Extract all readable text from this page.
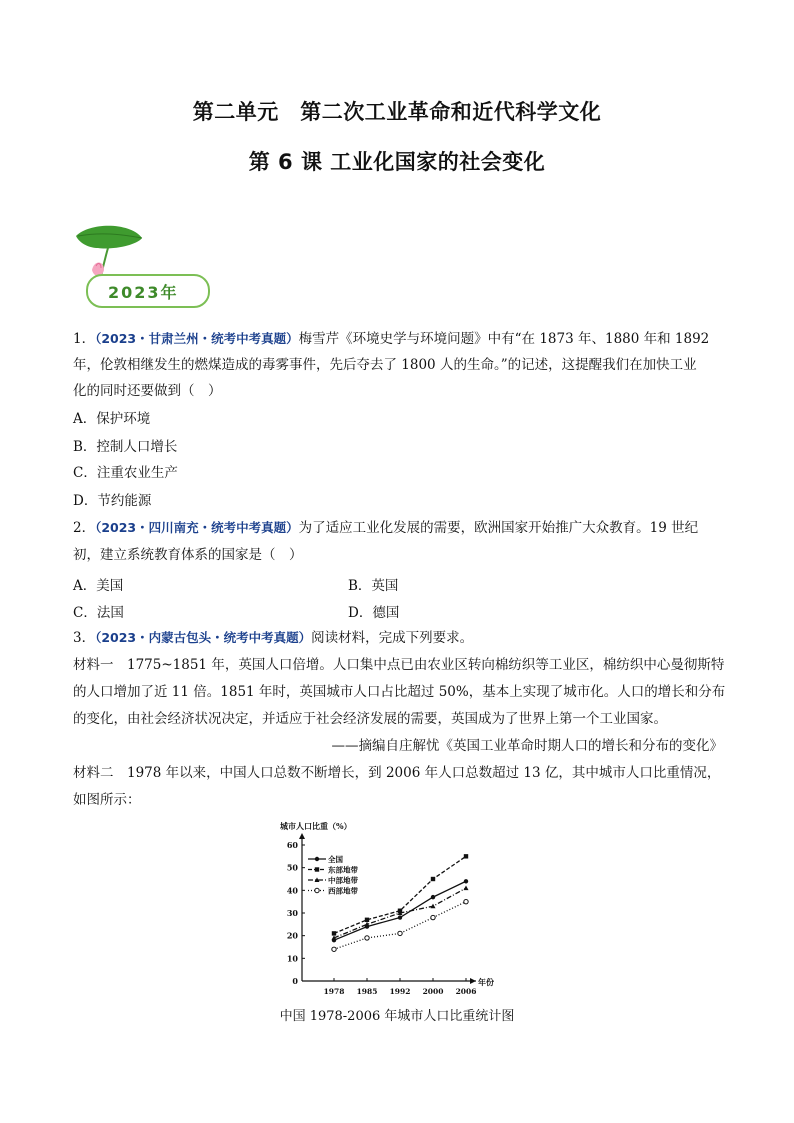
第二单元　第二次工业革命和近代科学文化
第 6 课 工业化国家的社会变化
2023年
1．（2023・甘肃兰州・统考中考真题）梅雪芹《环境史学与环境问题》中有“在 1873 年、1880 年和 1892
年，伦敦相继发生的燃煤造成的毒雾事件，先后夺去了 1800 人的生命。”的记述，这提醒我们在加快工业
化的同时还要做到（　）
A．保护环境
B．控制人口增长
C．注重农业生产
D．节约能源
2．（2023・四川南充・统考中考真题）为了适应工业化发展的需要，欧洲国家开始推广大众教育。19 世纪
初，建立系统教育体系的国家是（　）
A．美国	B．英国
C．法国	D．德国
3．（2023・内蒙古包头・统考中考真题）阅读材料，完成下列要求。
材料一　1775~1851 年，英国人口倍增。人口集中点已由农业区转向棉纺织等工业区，棉纺织中心曼彻斯特
的人口增加了近 11 倍。1851 年时，英国城市人口占比超过 50%，基本上实现了城市化。人口的增长和分布
的变化，由社会经济状况决定，并适应于社会经济发展的需要，英国成为了世界上第一个工业国家。
——摘编自庄解忧《英国工业革命时期人口的增长和分布的变化》
材料二　1978 年以来，中国人口总数不断增长，到 2006 年人口总数超过 13 亿，其中城市人口比重情况，
如图所示：
城市人口比重（%）
年份
0
10
20
30
40
50
60
1978 1985 1992 2000 2006
全国
东部地带
中部地带
西部地带
中国 1978-2006 年城市人口比重统计图
